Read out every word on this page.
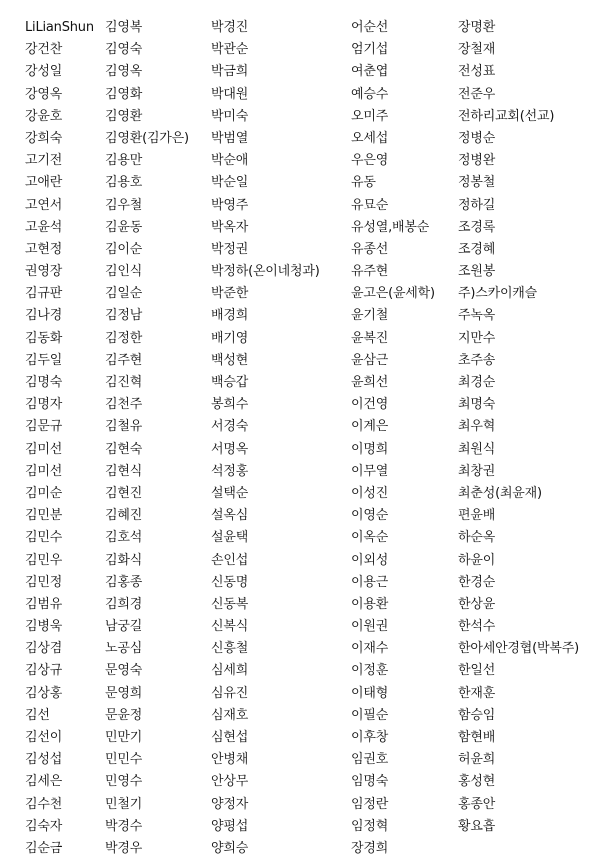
LiLianShun
강건찬
강성일
강영옥
강윤호
강희숙
고기전
고애란
고연서
고윤석
고현정
권영장
김규판
김나경
김동화
김두일
김명숙
김명자
김문규
김미선
김미선
김미순
김민분
김민수
김민우
김민정
김범유
김병욱
김상겸
김상규
김상홍
김선
김선이
김성섭
김세은
김수천
김숙자
김순금
김영복
김영숙
김영옥
김영화
김영환
김영환(김가은)
김용만
김용호
김우철
김윤동
김이순
김인식
김일순
김정남
김정한
김주현
김진혁
김천주
김철유
김현숙
김현식
김현진
김혜진
김호석
김화식
김홍종
김희경
남궁길
노공심
문영숙
문영희
문윤정
민만기
민민수
민영수
민철기
박경수
박경우
박경진
박관순
박금희
박대원
박미숙
박범열
박순애
박순일
박영주
박옥자
박정권
박정하(온이네청과)
박준한
배경희
배기영
백성현
백승갑
봉희수
서경숙
서명옥
석정홍
설택순
설옥심
설윤택
손인섭
신동명
신동복
신복식
신흥철
심세희
심유진
심재호
심현섭
안병채
안상무
양정자
양평섭
양희승
어순선
엄기섭
여춘엽
예승수
오미주
오세섭
우은영
유동
유묘순
유성열,배봉순
유종선
유주현
윤고은(윤세학)
윤기철
윤복진
윤삼근
윤희선
이건영
이계은
이명희
이무열
이성진
이영순
이옥순
이외성
이용근
이용환
이원권
이재수
이정훈
이태형
이필순
이후창
임권호
임명숙
임정란
임정혁
장경희
장명환
장철재
전성표
전준우
전하리교회(선교)
정병순
정병완
정봉철
정하길
조경록
조경혜
조원봉
주)스카이캐슬
주녹옥
지만수
초주송
최경순
최명숙
최우혁
최원식
최창권
최춘성(최윤재)
편윤배
하순옥
하윤이
한경순
한상윤
한석수
한아세안경협(박복주)
한일선
한재훈
함승임
함현배
허윤희
홍성현
홍종안
황요흡
